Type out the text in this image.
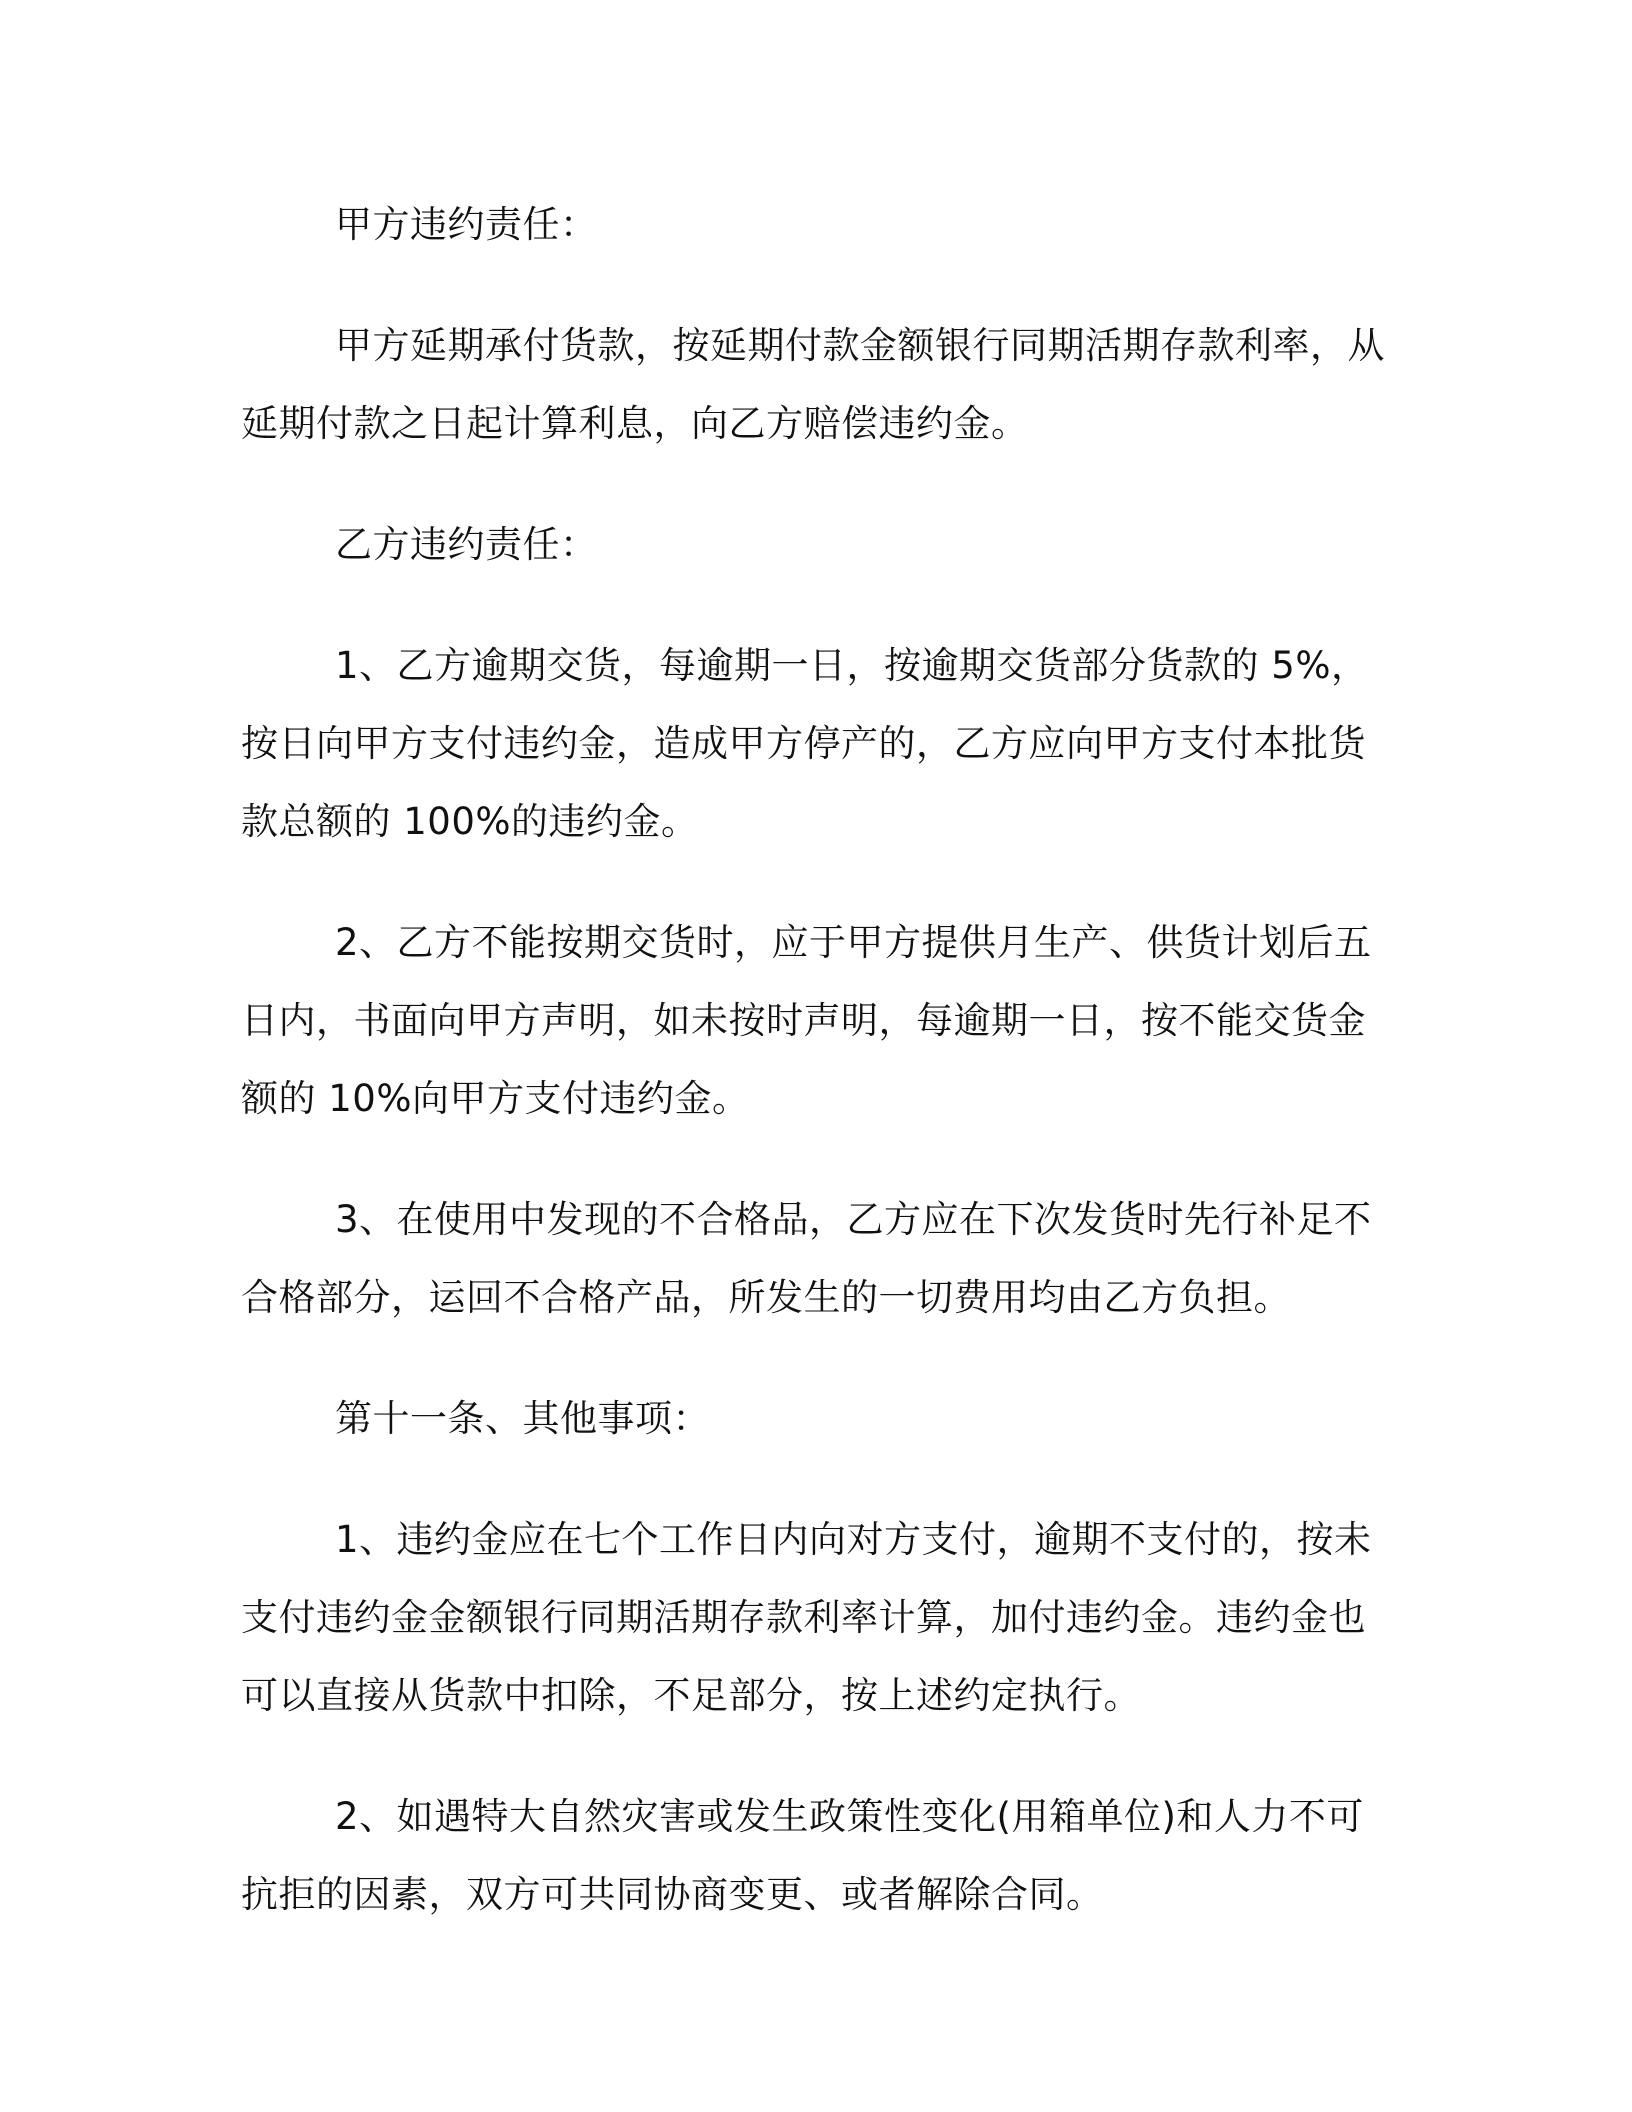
甲方违约责任：

甲方延期承付货款，按延期付款金额银行同期活期存款利率，从延期付款之日起计算利息，向乙方赔偿违约金。

乙方违约责任：

1、乙方逾期交货，每逾期一日，按逾期交货部分货款的 5%，按日向甲方支付违约金，造成甲方停产的，乙方应向甲方支付本批货款总额的 100%的违约金。

2、乙方不能按期交货时，应于甲方提供月生产、供货计划后五日内，书面向甲方声明，如未按时声明，每逾期一日，按不能交货金额的 10%向甲方支付违约金。

3、在使用中发现的不合格品，乙方应在下次发货时先行补足不合格部分，运回不合格产品，所发生的一切费用均由乙方负担。

第十一条、其他事项：

1、违约金应在七个工作日内向对方支付，逾期不支付的，按未支付违约金金额银行同期活期存款利率计算，加付违约金。违约金也可以直接从货款中扣除，不足部分，按上述约定执行。

2、如遇特大自然灾害或发生政策性变化(用箱单位)和人力不可抗拒的因素，双方可共同协商变更、或者解除合同。
